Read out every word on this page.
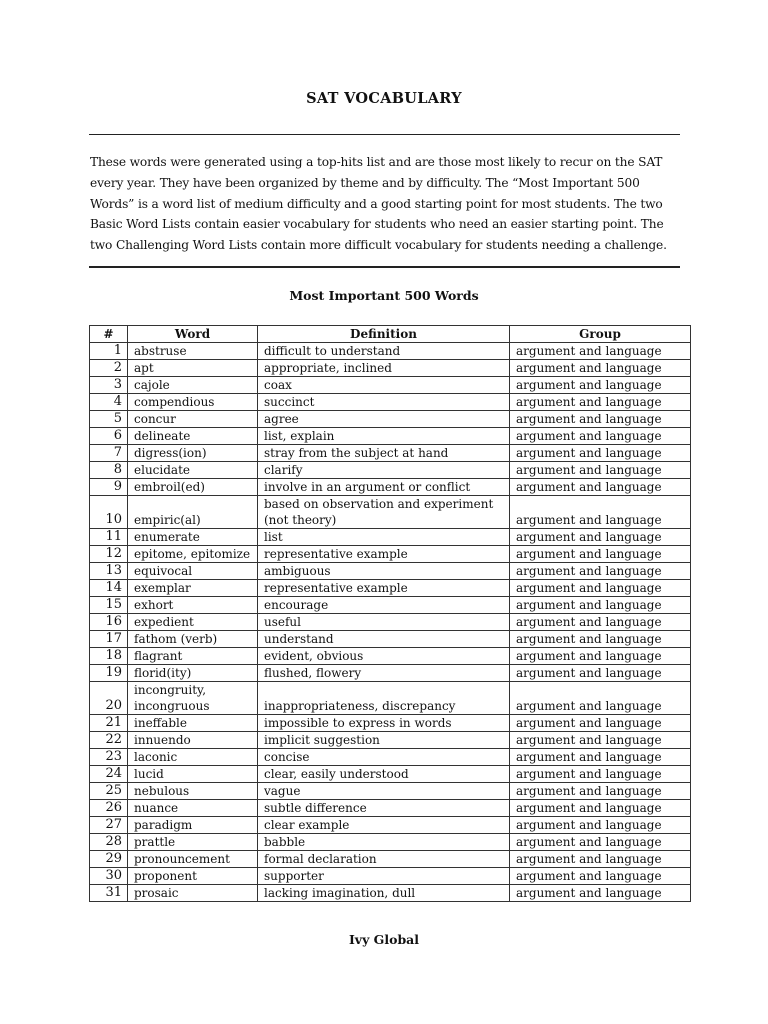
SAT VOCABULARY
These words were generated using a top-hits list and are those most likely to recur on the SAT every year. They have been organized by theme and by difficulty. The “Most Important 500 Words” is a word list of medium difficulty and a good starting point for most students. The two Basic Word Lists contain easier vocabulary for students who need an easier starting point. The two Challenging Word Lists contain more difficult vocabulary for students needing a challenge.
Most Important 500 Words
#	Word	Definition	Group
1	abstruse	difficult to understand	argument and language
2	apt	appropriate, inclined	argument and language
3	cajole	coax	argument and language
4	compendious	succinct	argument and language
5	concur	agree	argument and language
6	delineate	list, explain	argument and language
7	digress(ion)	stray from the subject at hand	argument and language
8	elucidate	clarify	argument and language
9	embroil(ed)	involve in an argument or conflict	argument and language
10	empiric(al)	based on observation and experiment (not theory)	argument and language
11	enumerate	list	argument and language
12	epitome, epitomize	representative example	argument and language
13	equivocal	ambiguous	argument and language
14	exemplar	representative example	argument and language
15	exhort	encourage	argument and language
16	expedient	useful	argument and language
17	fathom (verb)	understand	argument and language
18	flagrant	evident, obvious	argument and language
19	florid(ity)	flushed, flowery	argument and language
20	incongruity, incongruous	inappropriateness, discrepancy	argument and language
21	ineffable	impossible to express in words	argument and language
22	innuendo	implicit suggestion	argument and language
23	laconic	concise	argument and language
24	lucid	clear, easily understood	argument and language
25	nebulous	vague	argument and language
26	nuance	subtle difference	argument and language
27	paradigm	clear example	argument and language
28	prattle	babble	argument and language
29	pronouncement	formal declaration	argument and language
30	proponent	supporter	argument and language
31	prosaic	lacking imagination, dull	argument and language
Ivy Global
